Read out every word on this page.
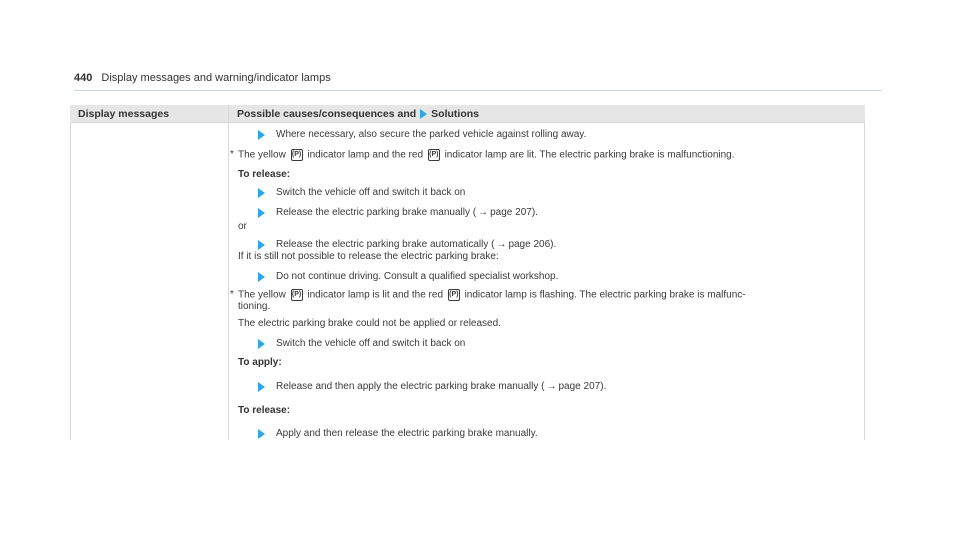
440 Display messages and warning/indicator lamps
Display messages	Possible causes/consequences and Solutions
Where necessary, also secure the parked vehicle against rolling away.
* The yellow (P) indicator lamp and the red (P) indicator lamp are lit. The electric parking brake is malfunctioning.
To release:
Switch the vehicle off and switch it back on
Release the electric parking brake manually ( → page 207).
or
Release the electric parking brake automatically ( → page 206).
If it is still not possible to release the electric parking brake:
Do not continue driving. Consult a qualified specialist workshop.
* The yellow (P) indicator lamp is lit and the red (P) indicator lamp is flashing. The electric parking brake is malfunc-
tioning.
The electric parking brake could not be applied or released.
Switch the vehicle off and switch it back on
To apply:
Release and then apply the electric parking brake manually ( → page 207).
To release:
Apply and then release the electric parking brake manually.
